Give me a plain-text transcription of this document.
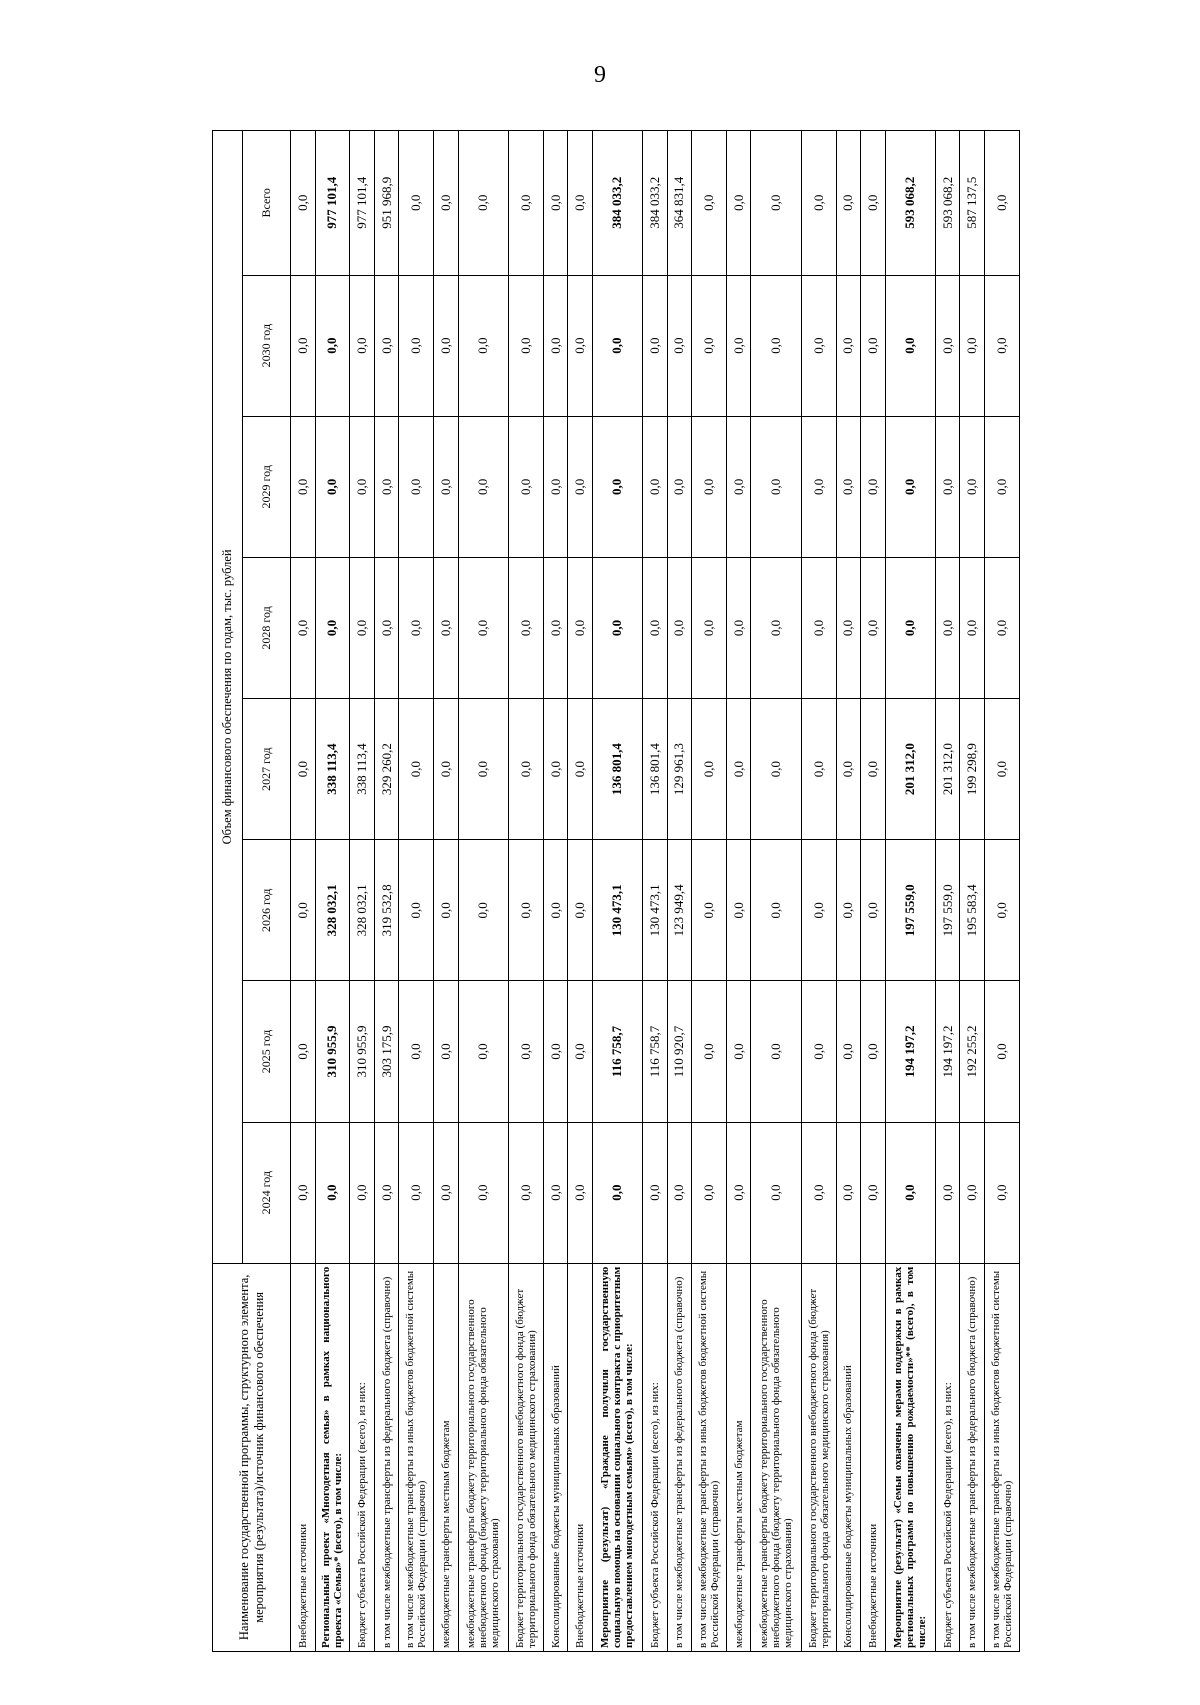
9
Наименование государственной программы, структурного элемента, мероприятия (результата)/источник финансового обеспечения	Объем финансового обеспечения по годам, тыс. рублей							
	2024 год	2025 год	2026 год	2027 год	2028 год	2029 год	2030 год	Всего
Внебюджетные источники	0,0	0,0	0,0	0,0	0,0	0,0	0,0	0,0
Региональный проект «Многодетная семья» в рамках национального проекта «Семья»* (всего), в том числе:	0,0	310 955,9	328 032,1	338 113,4	0,0	0,0	0,0	977 101,4
Бюджет субъекта Российской Федерации (всего), из них:	0,0	310 955,9	328 032,1	338 113,4	0,0	0,0	0,0	977 101,4
в том числе межбюджетные трансферты из федерального бюджета (справочно)	0,0	303 175,9	319 532,8	329 260,2	0,0	0,0	0,0	951 968,9
в том числе межбюджетные трансферты из иных бюджетов бюджетной системы Российской Федерации (справочно)	0,0	0,0	0,0	0,0	0,0	0,0	0,0	0,0
межбюджетные трансферты местным бюджетам	0,0	0,0	0,0	0,0	0,0	0,0	0,0	0,0
межбюджетные трансферты бюджету территориального государственного внебюджетного фонда (бюджету территориального фонда обязательного медицинского страхования)	0,0	0,0	0,0	0,0	0,0	0,0	0,0	0,0
Бюджет территориального государственного внебюджетного фонда (бюджет территориального фонда обязательного медицинского страхования)	0,0	0,0	0,0	0,0	0,0	0,0	0,0	0,0
Консолидированные бюджеты муниципальных образований	0,0	0,0	0,0	0,0	0,0	0,0	0,0	0,0
Внебюджетные источники	0,0	0,0	0,0	0,0	0,0	0,0	0,0	0,0
Мероприятие (результат) «Граждане получили государственную социальную помощь на основании социального контракта с приоритетным предоставлением многодетным семьям» (всего), в том числе:	0,0	116 758,7	130 473,1	136 801,4	0,0	0,0	0,0	384 033,2
Бюджет субъекта Российской Федерации (всего), из них:	0,0	116 758,7	130 473,1	136 801,4	0,0	0,0	0,0	384 033,2
в том числе межбюджетные трансферты из федерального бюджета (справочно)	0,0	110 920,7	123 949,4	129 961,3	0,0	0,0	0,0	364 831,4
в том числе межбюджетные трансферты из иных бюджетов бюджетной системы Российской Федерации (справочно)	0,0	0,0	0,0	0,0	0,0	0,0	0,0	0,0
межбюджетные трансферты местным бюджетам	0,0	0,0	0,0	0,0	0,0	0,0	0,0	0,0
межбюджетные трансферты бюджету территориального государственного внебюджетного фонда (бюджету территориального фонда обязательного медицинского страхования)	0,0	0,0	0,0	0,0	0,0	0,0	0,0	0,0
Бюджет территориального государственного внебюджетного фонда (бюджет территориального фонда обязательного медицинского страхования)	0,0	0,0	0,0	0,0	0,0	0,0	0,0	0,0
Консолидированные бюджеты муниципальных образований	0,0	0,0	0,0	0,0	0,0	0,0	0,0	0,0
Внебюджетные источники	0,0	0,0	0,0	0,0	0,0	0,0	0,0	0,0
Мероприятие (результат) «Семьи охвачены мерами поддержки в рамках региональных программ по повышению рождаемости»** (всего), в том числе:	0,0	194 197,2	197 559,0	201 312,0	0,0	0,0	0,0	593 068,2
Бюджет субъекта Российской Федерации (всего), из них:	0,0	194 197,2	197 559,0	201 312,0	0,0	0,0	0,0	593 068,2
в том числе межбюджетные трансферты из федерального бюджета (справочно)	0,0	192 255,2	195 583,4	199 298,9	0,0	0,0	0,0	587 137,5
в том числе межбюджетные трансферты из иных бюджетов бюджетной системы Российской Федерации (справочно)	0,0	0,0	0,0	0,0	0,0	0,0	0,0	0,0
